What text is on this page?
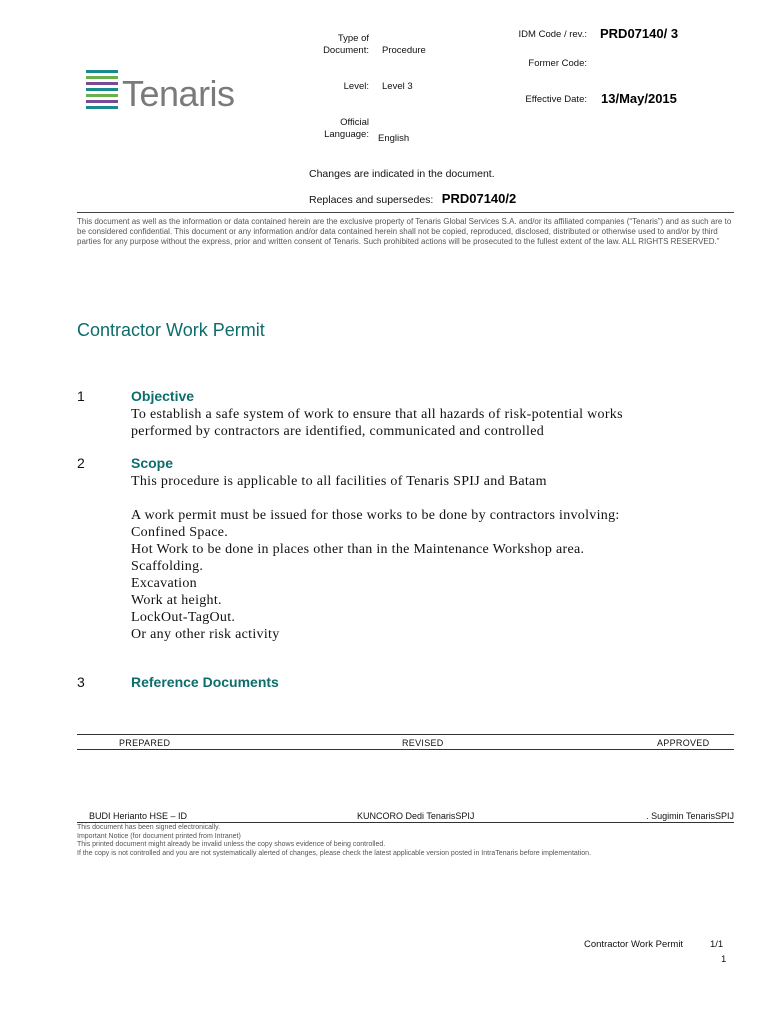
Tenaris
Type of
Document: Procedure
Level: Level 3
Official
Language: English
IDM Code / rev.: PRD07140/ 3
Former Code:
Effective Date: 13/May/2015
Changes are indicated in the document.
Replaces and supersedes: PRD07140/2
This document as well as the information or data contained herein are the exclusive property of Tenaris Global Services S.A. and/or its affiliated companies (“Tenaris”) and as such are to be considered confidential. This document or any information and/or data contained herein shall not be copied, reproduced, disclosed, distributed or otherwise used to and/or by third parties for any purpose without the express, prior and written consent of Tenaris. Such prohibited actions will be prosecuted to the fullest extent of the law. ALL RIGHTS RESERVED.”
Contractor Work Permit
1	Objective
To establish a safe system of work to ensure that all hazards of risk-potential works
performed by contractors are identified, communicated and controlled
2	Scope
This procedure is applicable to all facilities of Tenaris SPIJ and Batam
A work permit must be issued for those works to be done by contractors involving:
Confined Space.
Hot Work to be done in places other than in the Maintenance Workshop area.
Scaffolding.
Excavation
Work at height.
LockOut-TagOut.
Or any other risk activity
3	Reference Documents
PREPARED	REVISED	APPROVED
BUDI Herianto HSE – ID	KUNCORO Dedi TenarisSPIJ	. Sugimin TenarisSPIJ
This document has been signed electronically.
Important Notice (for document printed from Intranet)
This printed document might already be invalid unless the copy shows evidence of being controlled.
If the copy is not controlled and you are not systematically alerted of changes, please check the latest applicable version posted in IntraTenaris before implementation.
Contractor Work Permit	1/1
1
